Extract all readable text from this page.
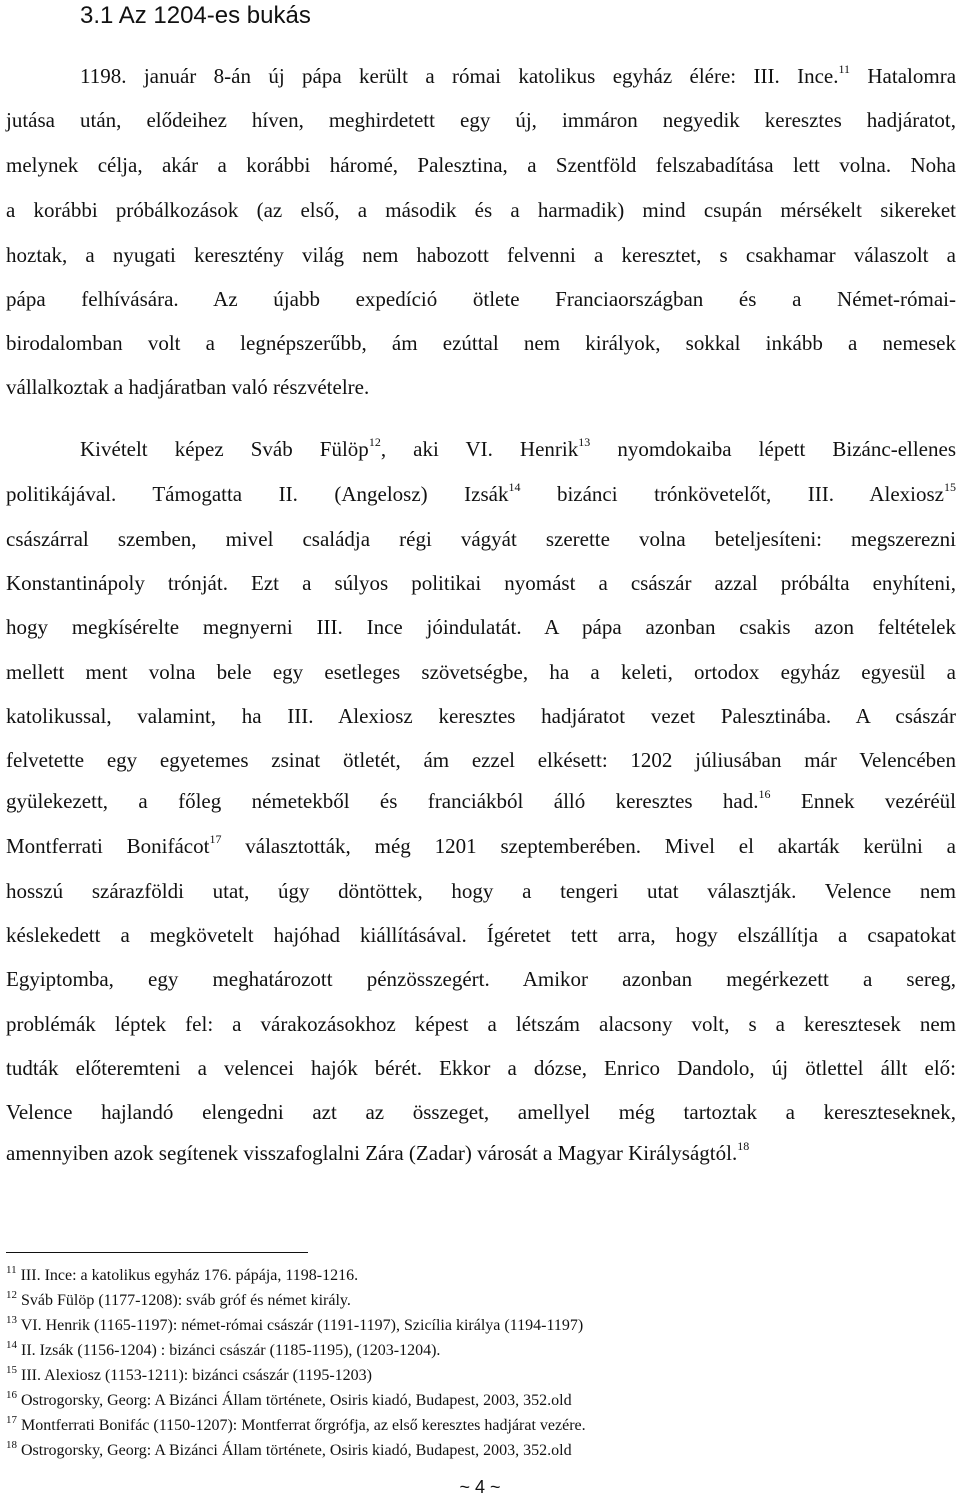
3.1 Az 1204-es bukás
1198. január 8-án új pápa került a római katolikus egyház élére: III. Ince.$^{11}$ Hatalomra
jutása után, elődeihez híven, meghirdetett egy új, immáron negyedik keresztes hadjáratot,
melynek célja, akár a korábbi háromé, Palesztina, a Szentföld felszabadítása lett volna. Noha
a korábbi próbálkozások (az első, a második és a harmadik) mind csupán mérsékelt sikereket
hoztak, a nyugati keresztény világ nem habozott felvenni a keresztet, s csakhamar válaszolt a
pápa felhívására. Az újabb expedíció ötlete Franciaországban és a Német-római-
birodalomban volt a legnépszerűbb, ám ezúttal nem királyok, sokkal inkább a nemesek
vállalkoztak a hadjáratban való részvételre.
Kivételt képez Sváb Fülöp$^{12}$, aki VI. Henrik$^{13}$ nyomdokaiba lépett Bizánc-ellenes
politikájával. Támogatta II. (Angelosz) Izsák$^{14}$ bizánci trónkövetelőt, III. Alexiosz$^{15}$
császárral szemben, mivel családja régi vágyát szerette volna beteljesíteni: megszerezni
Konstantinápoly trónját. Ezt a súlyos politikai nyomást a császár azzal próbálta enyhíteni,
hogy megkísérelte megnyerni III. Ince jóindulatát. A pápa azonban csakis azon feltételek
mellett ment volna bele egy esetleges szövetségbe, ha a keleti, ortodox egyház egyesül a
katolikussal, valamint, ha III. Alexiosz keresztes hadjáratot vezet Palesztinába. A császár
felvetette egy egyetemes zsinat ötletét, ám ezzel elkésett: 1202 júliusában már Velencében
gyülekezett, a főleg németekből és franciákból álló keresztes had.$^{16}$ Ennek vezéréül
Montferrati Bonifácot$^{17}$ választották, még 1201 szeptemberében. Mivel el akarták kerülni a
hosszú szárazföldi utat, úgy döntöttek, hogy a tengeri utat választják. Velence nem
késlekedett a megkövetelt hajóhad kiállításával. Ígéretet tett arra, hogy elszállítja a csapatokat
Egyiptomba, egy meghatározott pénzösszegért. Amikor azonban megérkezett a sereg,
problémák léptek fel: a várakozásokhoz képest a létszám alacsony volt, s a keresztesek nem
tudták előteremteni a velencei hajók bérét. Ekkor a dózse, Enrico Dandolo, új ötlettel állt elő:
Velence hajlandó elengedni azt az összeget, amellyel még tartoztak a kereszteseknek,
amennyiben azok segítenek visszafoglalni Zára (Zadar) városát a Magyar Királyságtól.$^{18}$
$^{11}$ III. Ince: a katolikus egyház 176. pápája, 1198-1216.
$^{12}$ Sváb Fülöp (1177-1208): sváb gróf és német király.
$^{13}$ VI. Henrik (1165-1197): német-római császár (1191-1197), Szicília királya (1194-1197)
$^{14}$ II. Izsák (1156-1204) : bizánci császár (1185-1195), (1203-1204).
$^{15}$ III. Alexiosz (1153-1211): bizánci császár (1195-1203)
$^{16}$ Ostrogorsky, Georg: A Bizánci Állam története, Osiris kiadó, Budapest, 2003, 352.old
$^{17}$ Montferrati Bonifác (1150-1207): Montferrat őrgrófja, az első keresztes hadjárat vezére.
$^{18}$ Ostrogorsky, Georg: A Bizánci Állam története, Osiris kiadó, Budapest, 2003, 352.old
~ 4 ~
